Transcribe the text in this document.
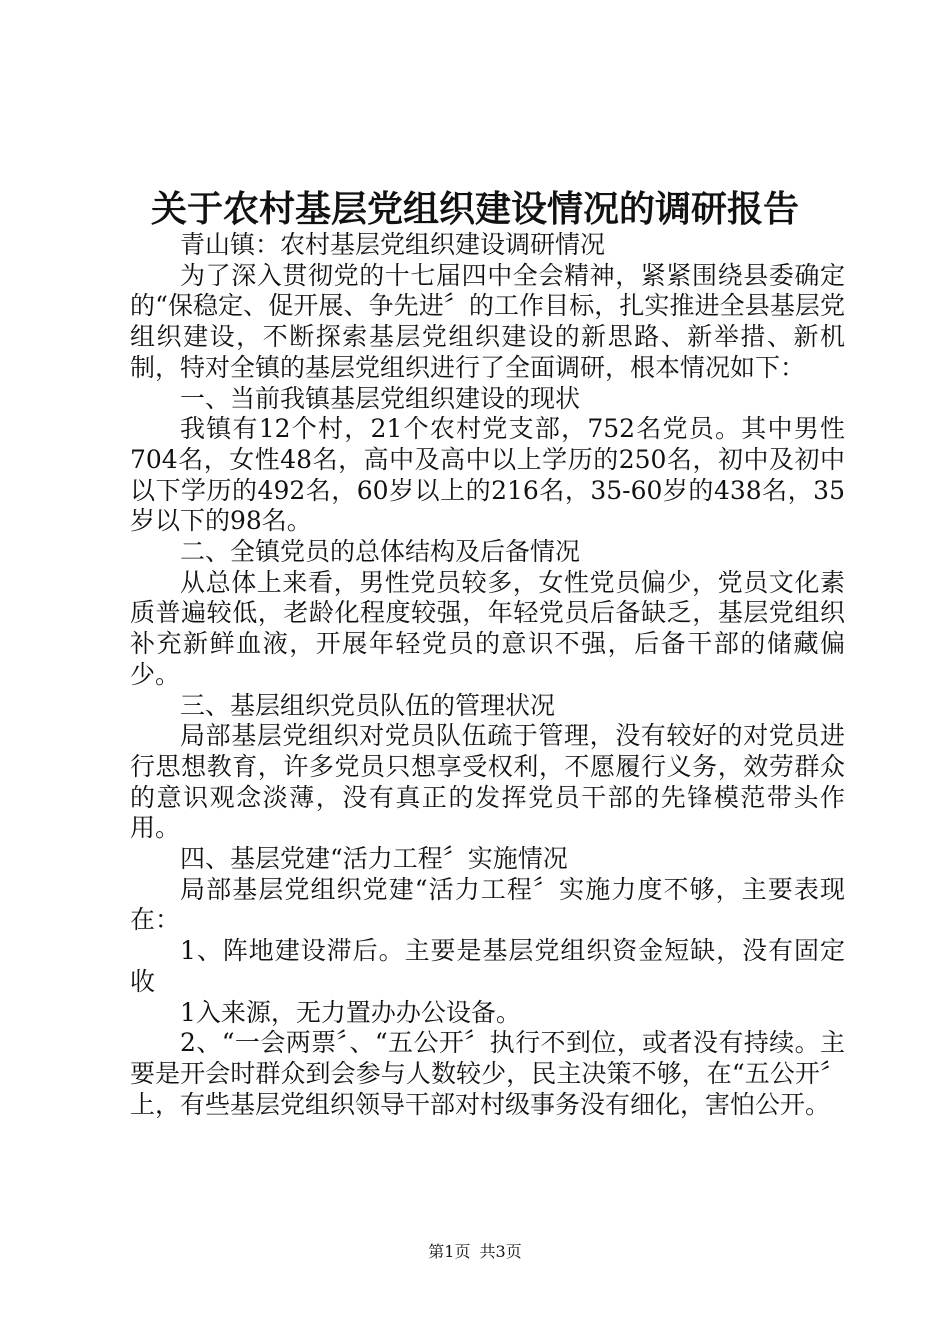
关于农村基层党组织建设情况的调研报告

青山镇：农村基层党组织建设调研情况

为了深入贯彻党的十七届四中全会精神，紧紧围绕县委确定的“保稳定、促开展、争先进〞的工作目标，扎实推进全县基层党组织建设，不断探索基层党组织建设的新思路、新举措、新机制，特对全镇的基层党组织进行了全面调研，根本情况如下：

一、当前我镇基层党组织建设的现状

我镇有12个村，21个农村党支部，752名党员。其中男性704名，女性48名，高中及高中以上学历的250名，初中及初中以下学历的492名，60岁以上的216名，35-60岁的438名，35岁以下的98名。

二、全镇党员的总体结构及后备情况

从总体上来看，男性党员较多，女性党员偏少，党员文化素质普遍较低，老龄化程度较强，年轻党员后备缺乏，基层党组织补充新鲜血液，开展年轻党员的意识不强，后备干部的储藏偏少。

三、基层组织党员队伍的管理状况

局部基层党组织对党员队伍疏于管理，没有较好的对党员进行思想教育，许多党员只想享受权利，不愿履行义务，效劳群众的意识观念淡薄，没有真正的发挥党员干部的先锋模范带头作用。

四、基层党建“活力工程〞实施情况

局部基层党组织党建“活力工程〞实施力度不够，主要表现在：

1、阵地建设滞后。主要是基层党组织资金短缺，没有固定收

1入来源，无力置办办公设备。

2、“一会两票〞、“五公开〞执行不到位，或者没有持续。主要是开会时群众到会参与人数较少，民主决策不够，在“五公开〞上，有些基层党组织领导干部对村级事务没有细化，害怕公开。

第1页 共3页
